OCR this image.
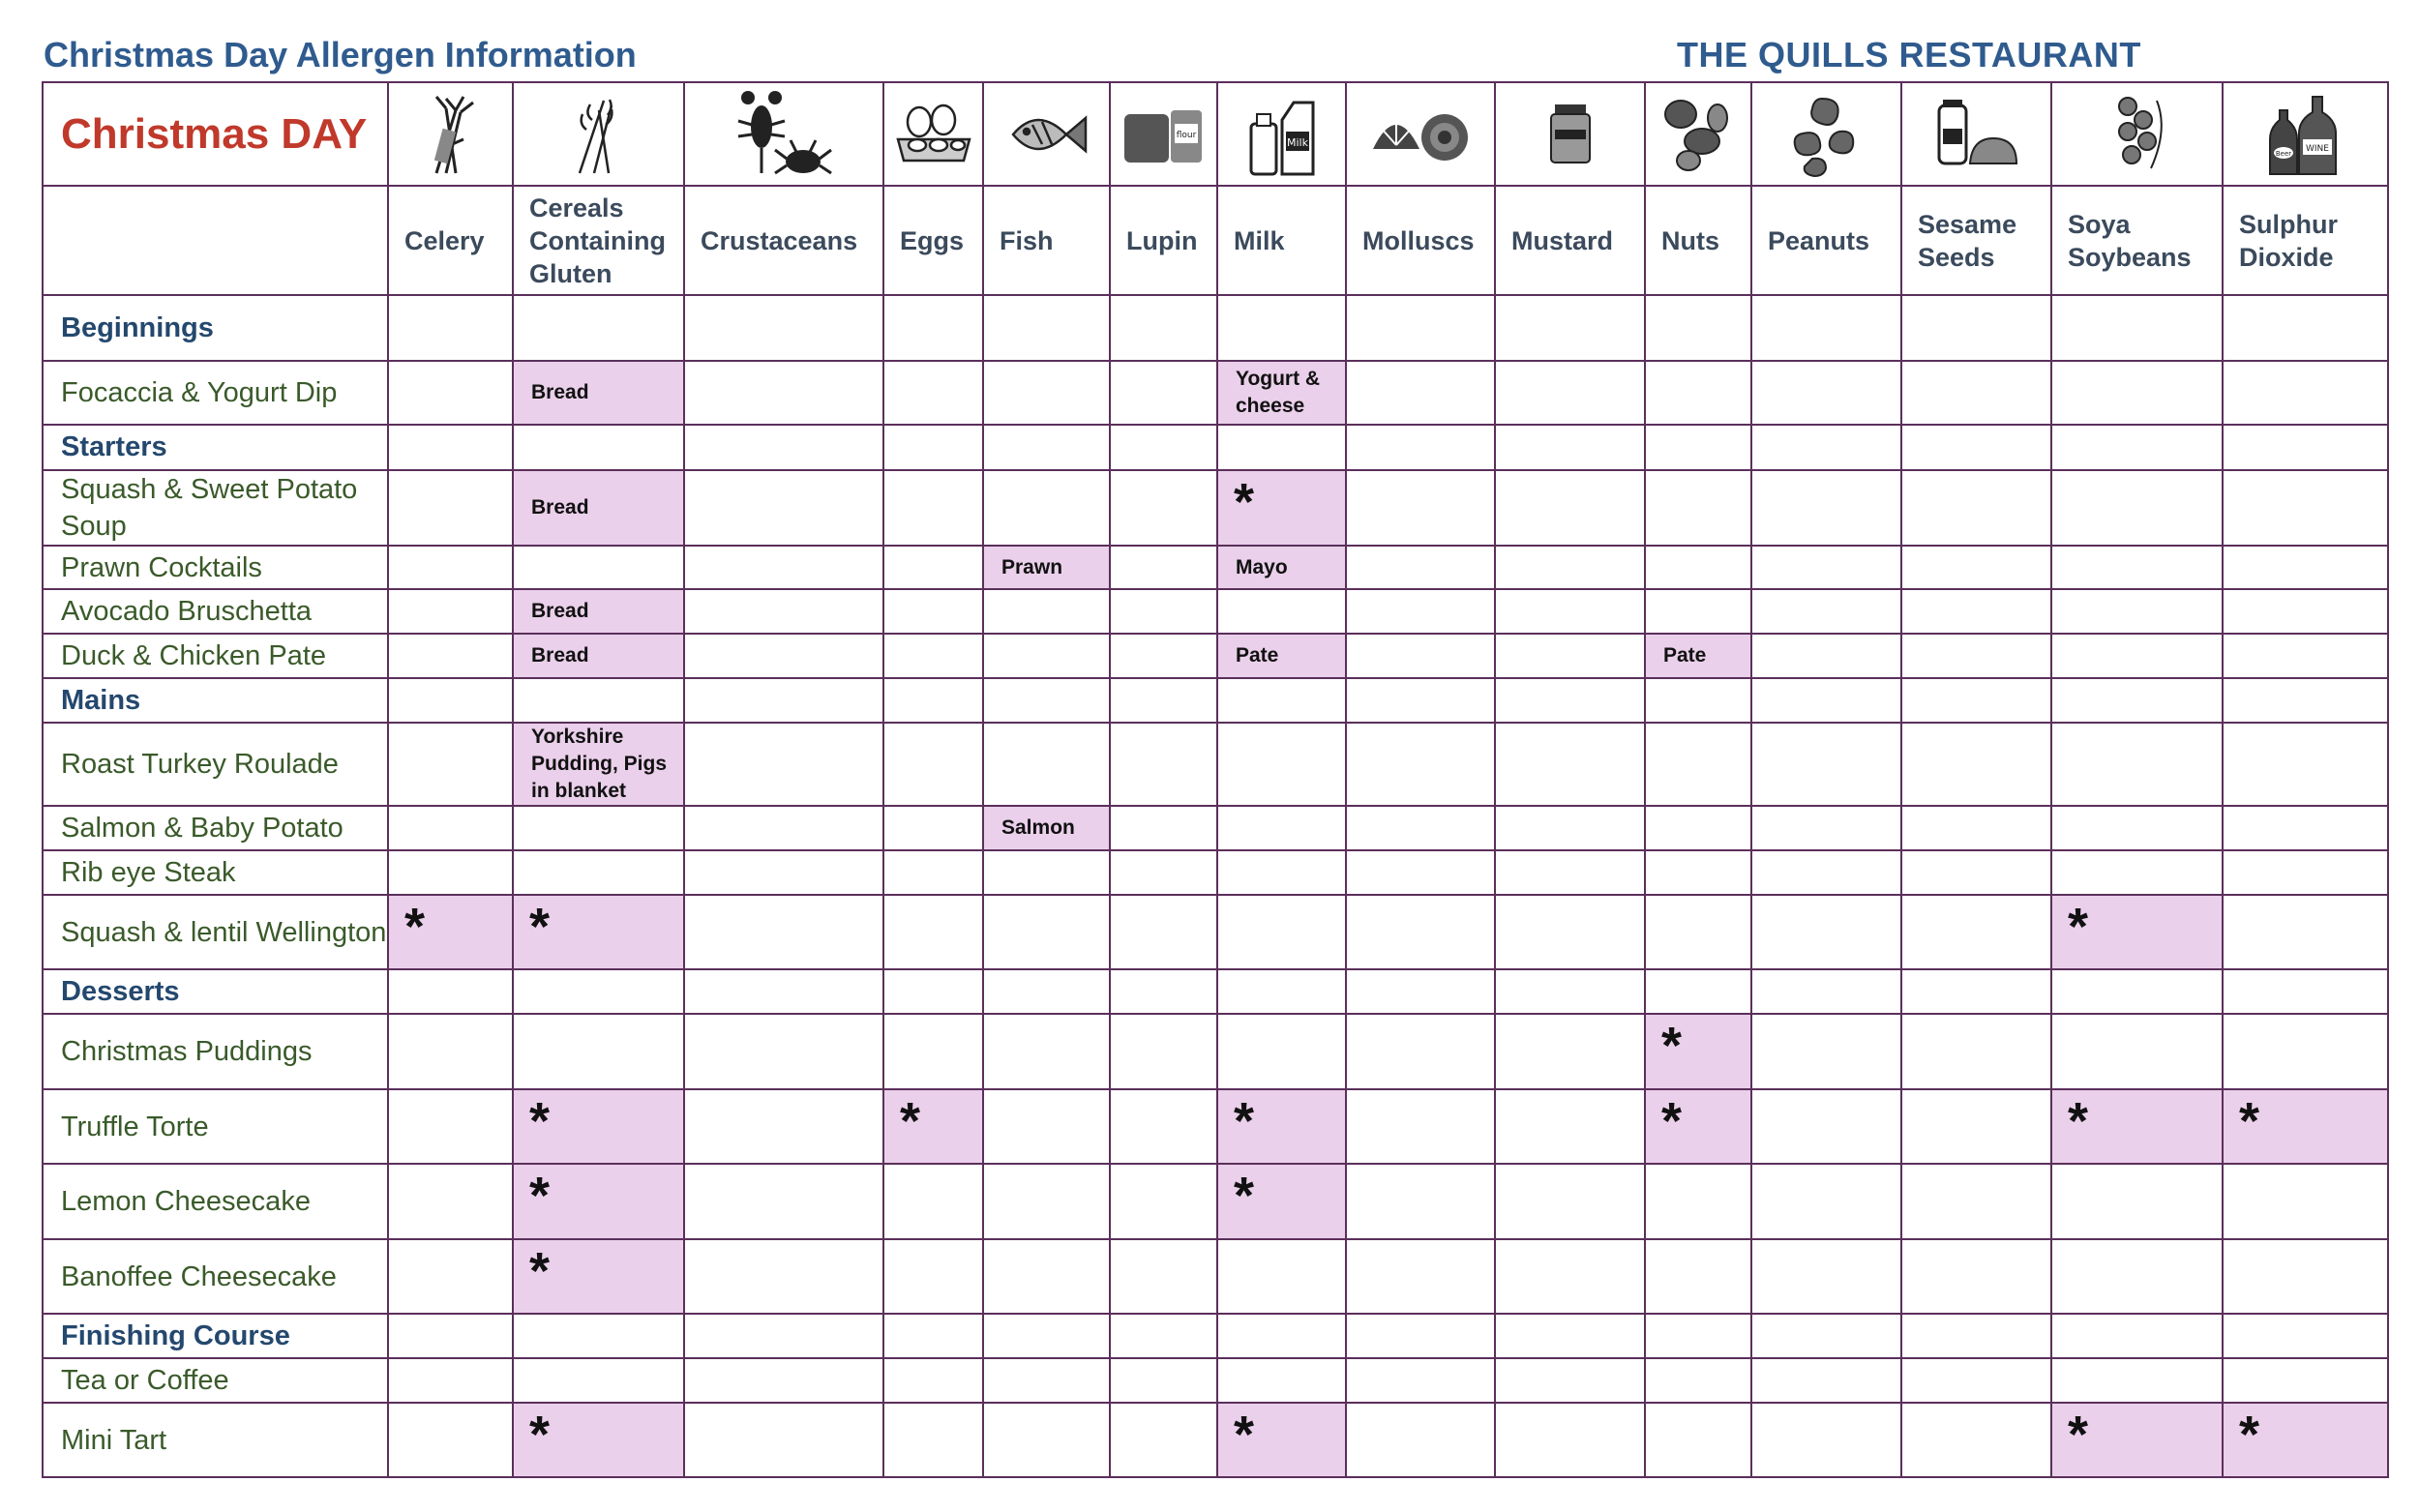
Christmas Day Allergen Information	THE QUILLS RESTAURANT
Christmas DAY						flour	Milk							WINE
Beer

	Celery	Cereals Containing Gluten	Crustaceans	Eggs	Fish	Lupin	Milk	Molluscs	Mustard	Nuts	Peanuts	Sesame Seeds	Soya Soybeans	Sulphur Dioxide
Beginnings														
Focaccia & Yogurt Dip		Bread					Yogurt & cheese							
Starters														
Squash & Sweet Potato Soup		Bread					*							
Prawn Cocktails					Prawn		Mayo							
Avocado Bruschetta		Bread												
Duck & Chicken Pate		Bread					Pate			Pate				
Mains														
Roast Turkey Roulade		Yorkshire Pudding, Pigs in blanket												
Salmon & Baby Potato					Salmon									
Rib eye Steak														
Squash & lentil Wellington	*	*											*	
Desserts														
Christmas Puddings										*				
Truffle Torte		*		*			*			*			*	*
Lemon Cheesecake		*					*							
Banoffee Cheesecake		*												
Finishing Course														
Tea or Coffee														
Mini Tart		*					*						*	*
